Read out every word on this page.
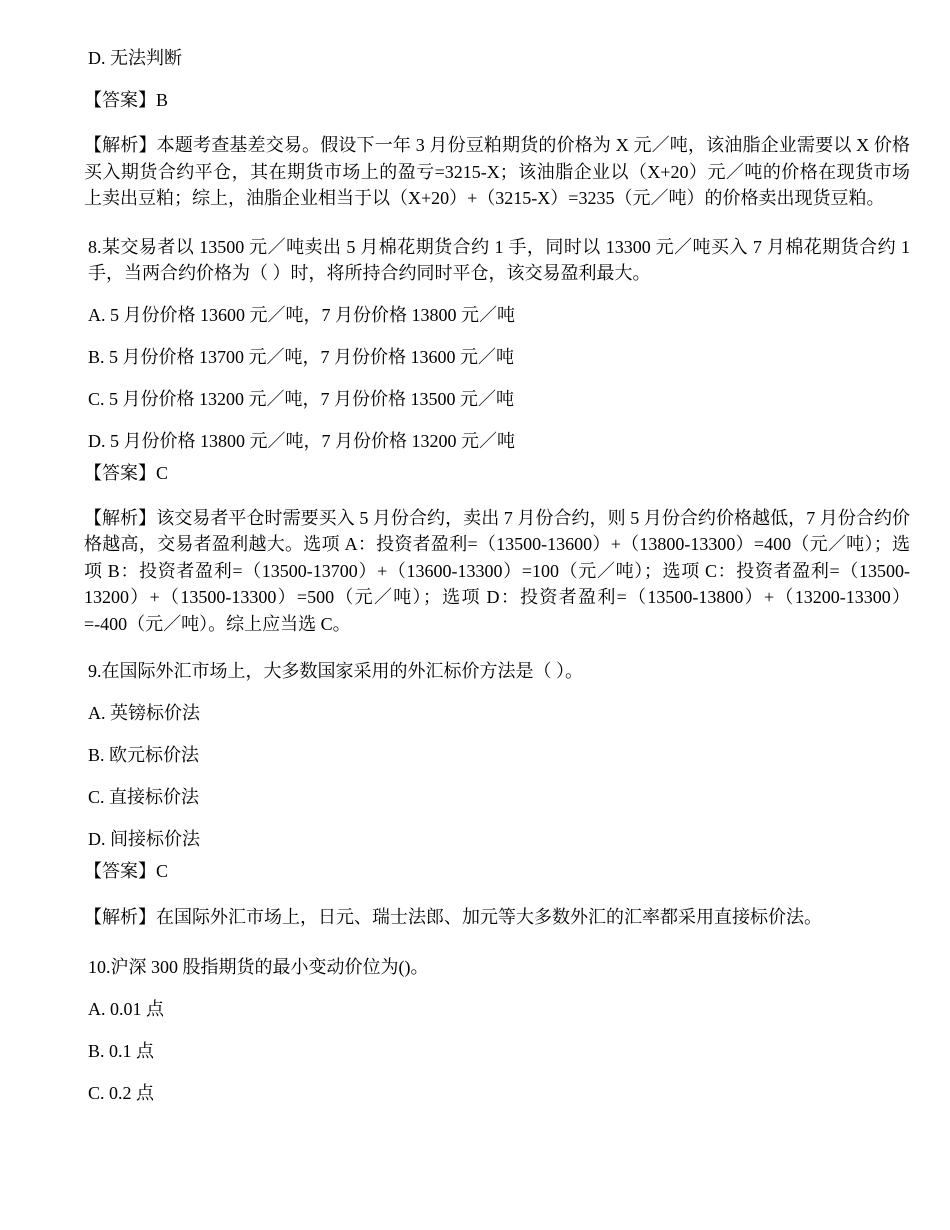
D. 无法判断
【答案】B
【解析】本题考查基差交易。假设下一年 3 月份豆粕期货的价格为 X 元／吨，该油脂企业需要以 X 价格买入期货合约平仓，其在期货市场上的盈亏=3215-X；该油脂企业以（X+20）元／吨的价格在现货市场上卖出豆粕；综上，油脂企业相当于以（X+20）+（3215-X）=3235（元／吨）的价格卖出现货豆粕。
8.某交易者以 13500 元／吨卖出 5 月棉花期货合约 1 手，同时以 13300 元／吨买入 7 月棉花期货合约 1 手，当两合约价格为（ ）时，将所持合约同时平仓，该交易盈利最大。
A. 5 月份价格 13600 元／吨，7 月份价格 13800 元／吨
B. 5 月份价格 13700 元／吨，7 月份价格 13600 元／吨
C. 5 月份价格 13200 元／吨，7 月份价格 13500 元／吨
D. 5 月份价格 13800 元／吨，7 月份价格 13200 元／吨
【答案】C
【解析】该交易者平仓时需要买入 5 月份合约，卖出 7 月份合约，则 5 月份合约价格越低，7 月份合约价格越高，交易者盈利越大。选项 A：投资者盈利=（13500-13600）+（13800-13300）=400（元／吨）；选项 B：投资者盈利=（13500-13700）+（13600-13300）=100（元／吨）；选项 C：投资者盈利=（13500-13200）+（13500-13300）=500（元／吨）；选项 D：投资者盈利=（13500-13800）+（13200-13300）=-400（元／吨）。综上应当选 C。
9.在国际外汇市场上，大多数国家采用的外汇标价方法是（ ）。
A. 英镑标价法
B. 欧元标价法
C. 直接标价法
D. 间接标价法
【答案】C
【解析】在国际外汇市场上，日元、瑞士法郎、加元等大多数外汇的汇率都采用直接标价法。
10.沪深 300 股指期货的最小变动价位为()。
A. 0.01 点
B. 0.1 点
C. 0.2 点
